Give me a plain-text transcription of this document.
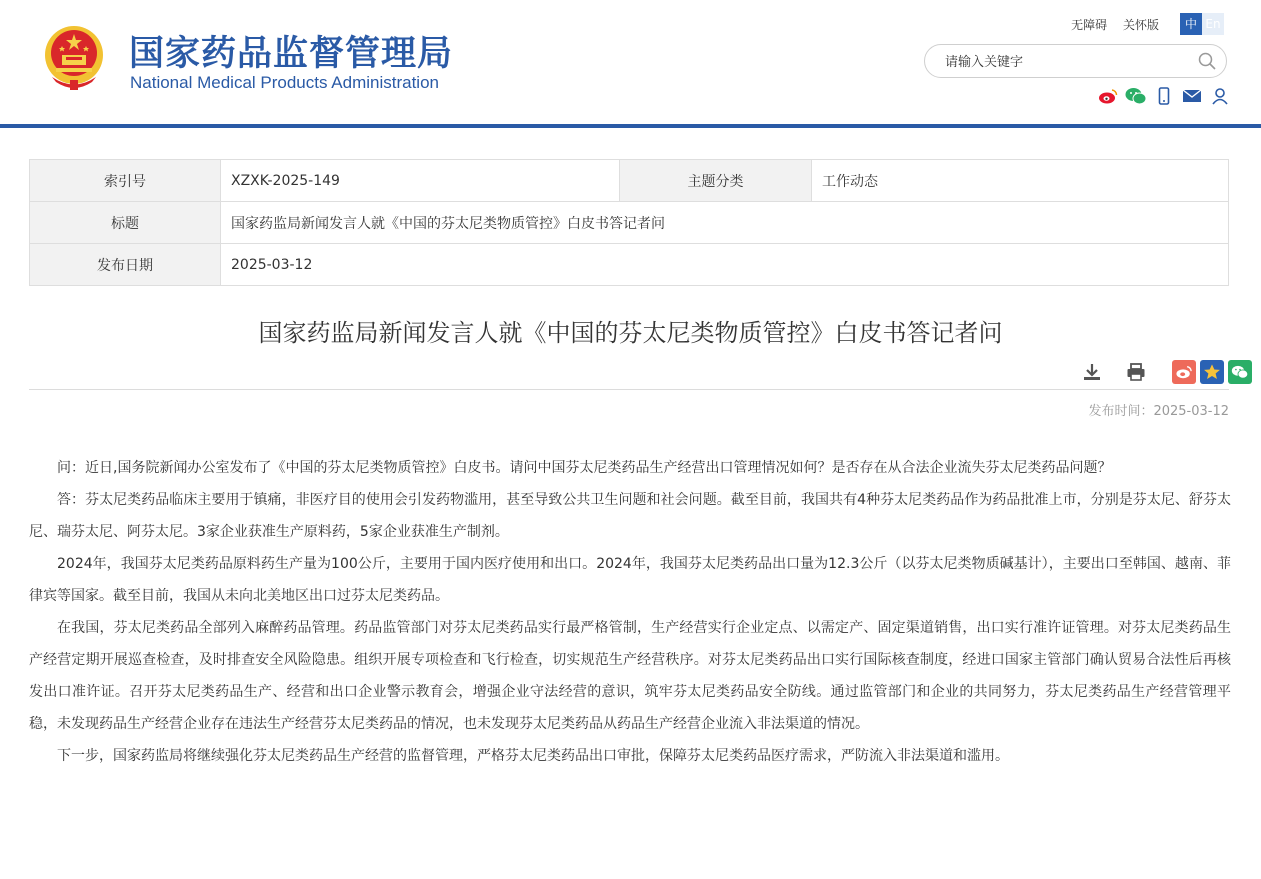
国家药品监督管理局
National Medical Products Administration
无障碍 关怀版	中 En
请输入关键字
索引号	XZXK-2025-149	主题分类	工作动态
标题	国家药监局新闻发言人就《中国的芬太尼类物质管控》白皮书答记者问		
发布日期	2025-03-12		
国家药监局新闻发言人就《中国的芬太尼类物质管控》白皮书答记者问
发布时间：2025-03-12

问：近日,国务院新闻办公室发布了《中国的芬太尼类物质管控》白皮书。请问中国芬太尼类药品生产经营出口管理情况如何？是否存在从合法企业流失芬太尼类药品问题？

答：芬太尼类药品临床主要用于镇痛，非医疗目的使用会引发药物滥用，甚至导致公共卫生问题和社会问题。截至目前，我国共有4种芬太尼类药品作为药品批准上市，分别是芬太尼、舒芬太尼、瑞芬太尼、阿芬太尼。3家企业获准生产原料药，5家企业获准生产制剂。

2024年，我国芬太尼类药品原料药生产量为100公斤，主要用于国内医疗使用和出口。2024年，我国芬太尼类药品出口量为12.3公斤（以芬太尼类物质碱基计），主要出口至韩国、越南、菲律宾等国家。截至目前，我国从未向北美地区出口过芬太尼类药品。

在我国，芬太尼类药品全部列入麻醉药品管理。药品监管部门对芬太尼类药品实行最严格管制，生产经营实行企业定点、以需定产、固定渠道销售，出口实行准许证管理。对芬太尼类药品生产经营定期开展巡查检查，及时排查安全风险隐患。组织开展专项检查和飞行检查，切实规范生产经营秩序。对芬太尼类药品出口实行国际核查制度，经进口国家主管部门确认贸易合法性后再核发出口准许证。召开芬太尼类药品生产、经营和出口企业警示教育会，增强企业守法经营的意识，筑牢芬太尼类药品安全防线。通过监管部门和企业的共同努力，芬太尼类药品生产经营管理平稳，未发现药品生产经营企业存在违法生产经营芬太尼类药品的情况，也未发现芬太尼类药品从药品生产经营企业流入非法渠道的情况。

下一步，国家药监局将继续强化芬太尼类药品生产经营的监督管理，严格芬太尼类药品出口审批，保障芬太尼类药品医疗需求，严防流入非法渠道和滥用。
